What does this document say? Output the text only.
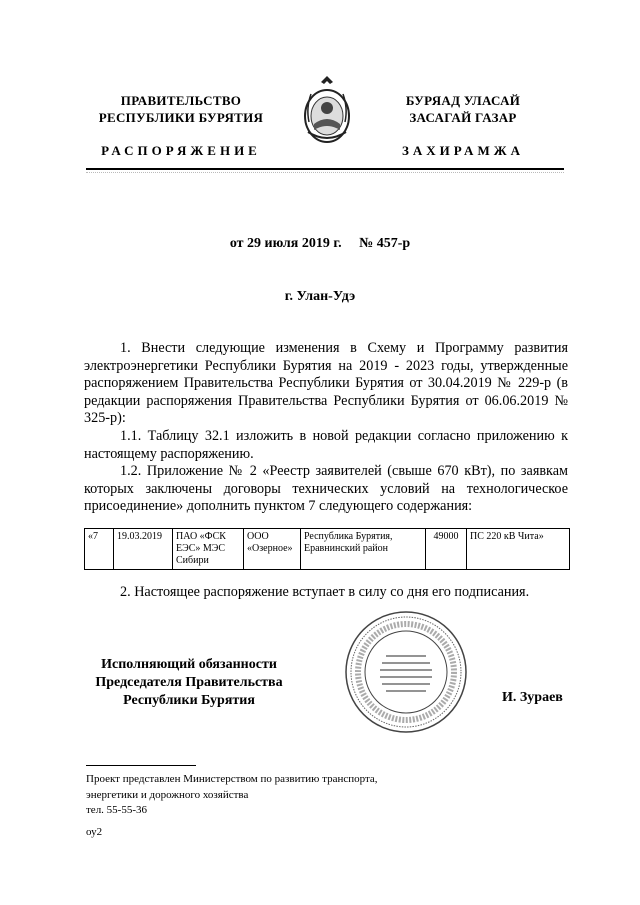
ПРАВИТЕЛЬСТВО
РЕСПУБЛИКИ БУРЯТИЯ
БУРЯАД УЛАСАЙ
ЗАСАГАЙ ГАЗАР
РАСПОРЯЖЕНИЕ	ЗАХИРАМЖА
от 29 июля 2019 г. № 457-р
г. Улан-Удэ

1. Внести следующие изменения в Схему и Программу развития электроэнергетики Республики Бурятия на 2019 - 2023 годы, утвержденные распоряжением Правительства Республики Бурятия от 30.04.2019 № 229-р (в редакции распоряжения Правительства Республики Бурятия от 06.06.2019 № 325-р):

1.1. Таблицу 32.1 изложить в новой редакции согласно приложению к настоящему распоряжению.

1.2. Приложение № 2 «Реестр заявителей (свыше 670 кВт), по заявкам которых заключены договоры технических условий на технологическое присоединение» дополнить пунктом 7 следующего содержания:

«7	19.03.2019	ПАО «ФСК ЕЭС» МЭС Сибири	ООО «Озерное»	Республика Бурятия, Еравнинский район	49000	ПС 220 кВ Чита»
2. Настоящее распоряжение вступает в силу со дня его подписания.
Исполняющий обязанности
Председателя Правительства
Республики Бурятия	И. Зураев
Проект представлен Министерством по развитию транспорта,
энергетики и дорожного хозяйства
тел. 55-55-36
оу2
